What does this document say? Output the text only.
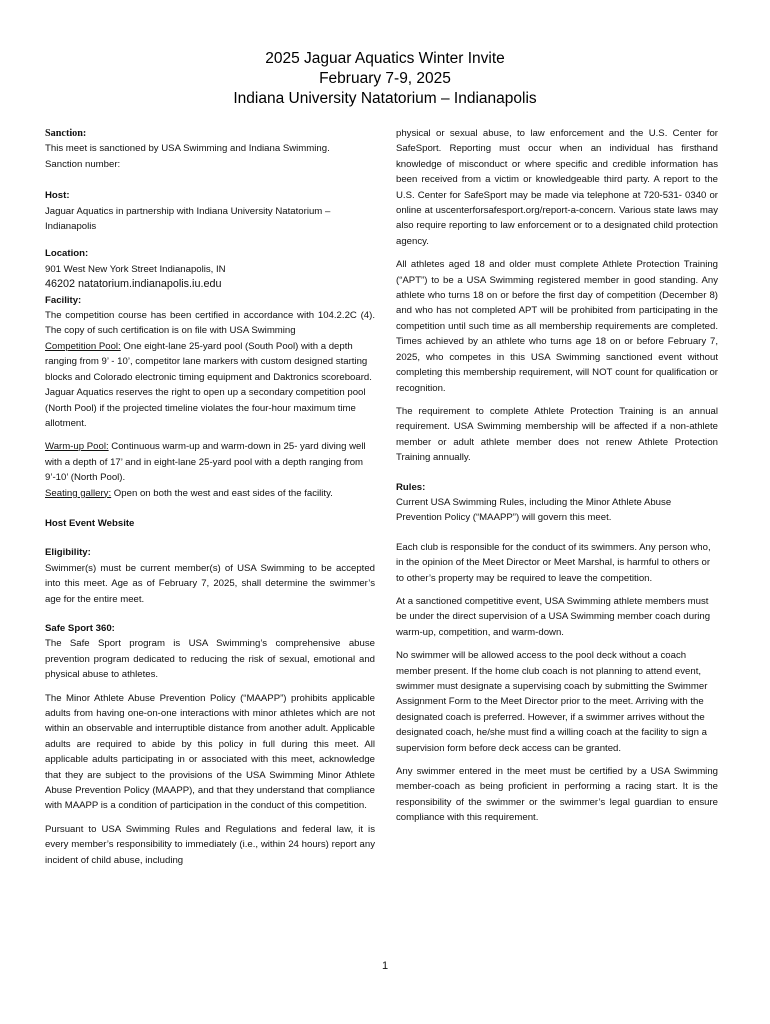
2025 Jaguar Aquatics Winter Invite
February 7-9, 2025
Indiana University Natatorium – Indianapolis

Sanction:

This meet is sanctioned by USA Swimming and Indiana Swimming.

Sanction number:

Host:

Jaguar Aquatics in partnership with Indiana University Natatorium – Indianapolis

Location:

901 West New York Street Indianapolis, IN

46202 natatorium.indianapolis.iu.edu

Facility:

The competition course has been certified in accordance with 104.2.2C (4). The copy of such certification is on file with USA Swimming

Competition Pool: One eight-lane 25-yard pool (South Pool) with a depth ranging from 9’ - 10’, competitor lane markers with custom designed starting blocks and Colorado electronic timing equipment and Daktronics scoreboard. Jaguar Aquatics reserves the right to open up a secondary competition pool (North Pool) if the projected timeline violates the four-hour maximum time allotment.

Warm-up Pool: Continuous warm-up and warm-down in 25- yard diving well with a depth of 17’ and in eight-lane 25-yard pool with a depth ranging from 9’-10’ (North Pool).

Seating gallery: Open on both the west and east sides of the facility.

Host Event Website

Eligibility:

Swimmer(s) must be current member(s) of USA Swimming to be accepted into this meet. Age as of February 7, 2025, shall determine the swimmer’s age for the entire meet.

Safe Sport 360:

The Safe Sport program is USA Swimming’s comprehensive abuse prevention program dedicated to reducing the risk of sexual, emotional and physical abuse to athletes.

The Minor Athlete Abuse Prevention Policy (“MAAPP”) prohibits applicable adults from having one-on-one interactions with minor athletes which are not within an observable and interruptible distance from another adult. Applicable adults are required to abide by this policy in full during this meet. All applicable adults participating in or associated with this meet, acknowledge that they are subject to the provisions of the USA Swimming Minor Athlete Abuse Prevention Policy (MAAPP), and that they understand that compliance with MAAPP is a condition of participation in the conduct of this competition.

Pursuant to USA Swimming Rules and Regulations and federal law, it is every member’s responsibility to immediately (i.e., within 24 hours) report any incident of child abuse, including

physical or sexual abuse, to law enforcement and the U.S. Center for SafeSport. Reporting must occur when an individual has firsthand knowledge of misconduct or where specific and credible information has been received from a victim or knowledgeable third party. A report to the U.S. Center for SafeSport may be made via telephone at 720-531- 0340 or online at uscenterforsafesport.org/report-a-concern. Various state laws may also require reporting to law enforcement or to a designated child protection agency.

All athletes aged 18 and older must complete Athlete Protection Training (“APT”) to be a USA Swimming registered member in good standing. Any athlete who turns 18 on or before the first day of competition (December 8) and who has not completed APT will be prohibited from participating in the competition until such time as all membership requirements are completed. Times achieved by an athlete who turns age 18 on or before February 7, 2025, who competes in this USA Swimming sanctioned event without completing this membership requirement, will NOT count for qualification or recognition.

The requirement to complete Athlete Protection Training is an annual requirement. USA Swimming membership will be affected if a non-athlete member or adult athlete member does not renew Athlete Protection Training annually.

Rules:

Current USA Swimming Rules, including the Minor Athlete Abuse Prevention Policy (“MAAPP”) will govern this meet.

Each club is responsible for the conduct of its swimmers. Any person who, in the opinion of the Meet Director or Meet Marshal, is harmful to others or to other’s property may be required to leave the competition.

At a sanctioned competitive event, USA Swimming athlete members must be under the direct supervision of a USA Swimming member coach during warm-up, competition, and warm-down.

No swimmer will be allowed access to the pool deck without a coach member present. If the home club coach is not planning to attend event, swimmer must designate a supervising coach by submitting the Swimmer Assignment Form to the Meet Director prior to the meet. Arriving with the designated coach is preferred. However, if a swimmer arrives without the designated coach, he/she must find a willing coach at the facility to sign a supervision form before deck access can be granted.

Any swimmer entered in the meet must be certified by a USA Swimming member-coach as being proficient in performing a racing start. It is the responsibility of the swimmer or the swimmer’s legal guardian to ensure compliance with this requirement.

1
